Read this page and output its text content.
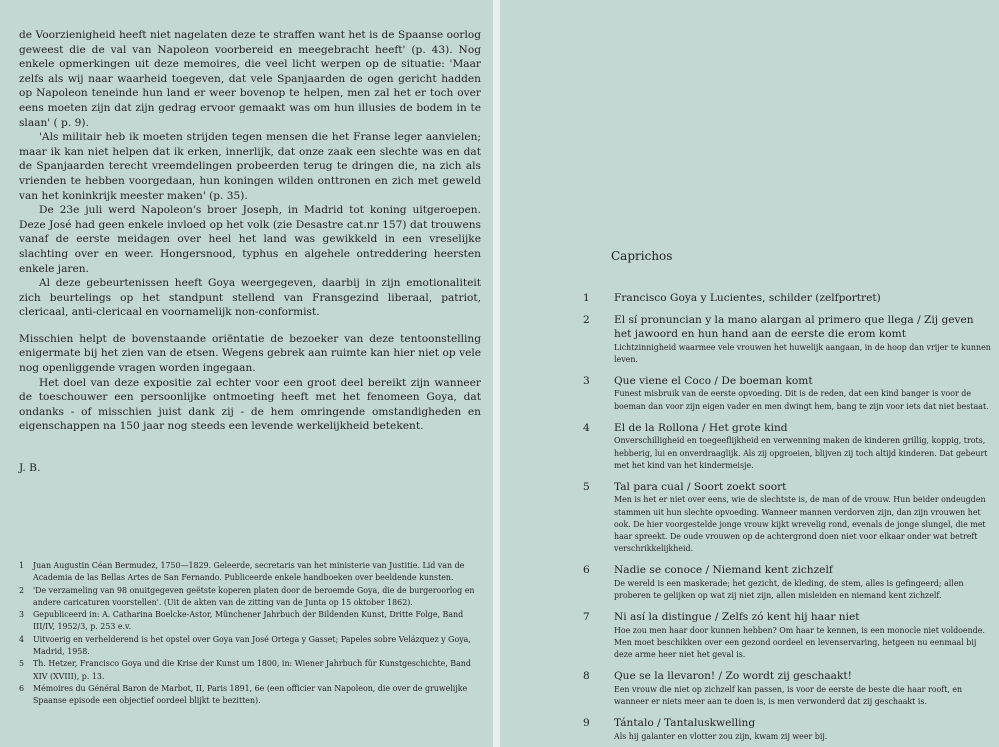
de Voorzienigheid heeft niet nagelaten deze te straffen want het is de Spaanse oorlog geweest die de val van Napoleon voorbereid en meegebracht heeft' (p. 43). Nog enkele opmerkingen uit deze memoires, die veel licht werpen op de situatie: 'Maar zelfs als wij naar waarheid toegeven, dat vele Spanjaarden de ogen gericht hadden op Napoleon teneinde hun land er weer bovenop te helpen, men zal het er toch over eens moeten zijn dat zijn gedrag ervoor gemaakt was om hun illusies de bodem in te slaan' ( p. 9).

'Als militair heb ik moeten strijden tegen mensen die het Franse leger aanvielen; maar ik kan niet helpen dat ik erken, innerlijk, dat onze zaak een slechte was en dat de Spanjaarden terecht vreemdelingen probeerden terug te dringen die, na zich als vrienden te hebben voorgedaan, hun koningen wilden onttronen en zich met geweld van het koninkrijk meester maken' (p. 35).

De 23e juli werd Napoleon's broer Joseph, in Madrid tot koning uitgeroepen. Deze José had geen enkele invloed op het volk (zie Desastre cat.nr 157) dat trouwens vanaf de eerste meidagen over heel het land was gewikkeld in een vreselijke slachting over en weer. Hongersnood, typhus en algehele ontreddering heersten enkele jaren.

Al deze gebeurtenissen heeft Goya weergegeven, daarbij in zijn emotionaliteit zich beurtelings op het standpunt stellend van Fransgezind liberaal, patriot, clericaal, anti-clericaal en voornamelijk non-conformist.

Misschien helpt de bovenstaande oriëntatie de bezoeker van deze tentoonstelling enigermate bij het zien van de etsen. Wegens gebrek aan ruimte kan hier niet op vele nog openliggende vragen worden ingegaan.

Het doel van deze expositie zal echter voor een groot deel bereikt zijn wanneer de toeschouwer een persoonlijke ontmoeting heeft met het fenomeen Goya, dat ondanks - of misschien juist dank zij - de hem omringende omstandigheden en eigenschappen na 150 jaar nog steeds een levende werkelijkheid betekent.

J. B.
1	Juan Augustin Céan Bermudez, 1750—1829. Geleerde, secretaris van het ministerie van Justitie. Lid van de Academia de las Bellas Artes de San Fernando. Publiceerde enkele handboeken over beeldende kunsten.
2	'De verzameling van 98 onuitgegeven geëtste koperen platen door de beroemde Goya, die de burgeroorlog en andere caricaturen voorstellen'. (Uit de akten van de zitting van de Junta op 15 oktober 1862).
3	Gepubliceerd in: A. Catharina Boelcke-Astor, Münchener Jahrbuch der Bildenden Kunst, Dritte Folge, Band III/IV, 1952/3, p. 253 e.v.
4	Uitvoerig en verhelderend is het opstel over Goya van José Ortega y Gasset; Papeles sobre Velázquez y Goya, Madrid, 1958.
5	Th. Hetzer, Francisco Goya und die Krise der Kunst um 1800, in: Wiener Jahrbuch für Kunstgeschichte, Band XIV (XVIII), p. 13.
6	Mémoires du Général Baron de Marbot, II, Paris 1891, 6e (een officier van Napoleon, die over de gruwelijke Spaanse episode een objectief oordeel blijkt te bezitten).
Caprichos
1	Francisco Goya y Lucientes, schilder (zelfportret)
2	El sí pronuncian y la mano alargan al primero que llega / Zij geven het jawoord en hun hand aan de eerste die erom komt
Lichtzinnigheid waarmee vele vrouwen het huwelijk aangaan, in de hoop dan vrijer te kunnen leven.
3	Que viene el Coco / De boeman komt
Funest misbruik van de eerste opvoeding. Dit is de reden, dat een kind banger is voor de boeman dan voor zijn eigen vader en men dwingt hem, bang te zijn voor iets dat niet bestaat.
4	El de la Rollona / Het grote kind
Onverschilligheid en toegeeflijkheid en verwenning maken de kinderen grillig, koppig, trots, hebberig, lui en onverdraaglijk. Als zij opgroeien, blijven zij toch altijd kinderen. Dat gebeurt met het kind van het kindermeisje.
5	Tal para cual / Soort zoekt soort
Men is het er niet over eens, wie de slechtste is, de man of de vrouw. Hun beider ondeugden stammen uit hun slechte opvoeding. Wanneer mannen verdorven zijn, dan zijn vrouwen het ook. De hier voorgestelde jonge vrouw kijkt wrevelig rond, evenals de jonge slungel, die met haar spreekt. De oude vrouwen op de achtergrond doen niet voor elkaar onder wat betreft verschrikkelijkheid.
6	Nadie se conoce / Niemand kent zichzelf
De wereld is een maskerade; het gezicht, de kleding, de stem, alles is gefingeerd; allen proberen te gelijken op wat zij niet zijn, allen misleiden en niemand kent zichzelf.
7	Ni así la distingue / Zelfs zó kent hij haar niet
Hoe zou men haar door kunnen hebben? Om haar te kennen, is een monocle niet voldoende. Men moet beschikken over een gezond oordeel en levenservaring, hetgeen nu eenmaal bij deze arme heer niet het geval is.
8	Que se la llevaron! / Zo wordt zij geschaakt!
Een vrouw die niet op zichzelf kan passen, is voor de eerste de beste die haar rooft, en wanneer er niets meer aan te doen is, is men verwonderd dat zij geschaakt is.
9	Tántalo / Tantaluskwelling
Als hij galanter en vlotter zou zijn, kwam zij weer bij.
